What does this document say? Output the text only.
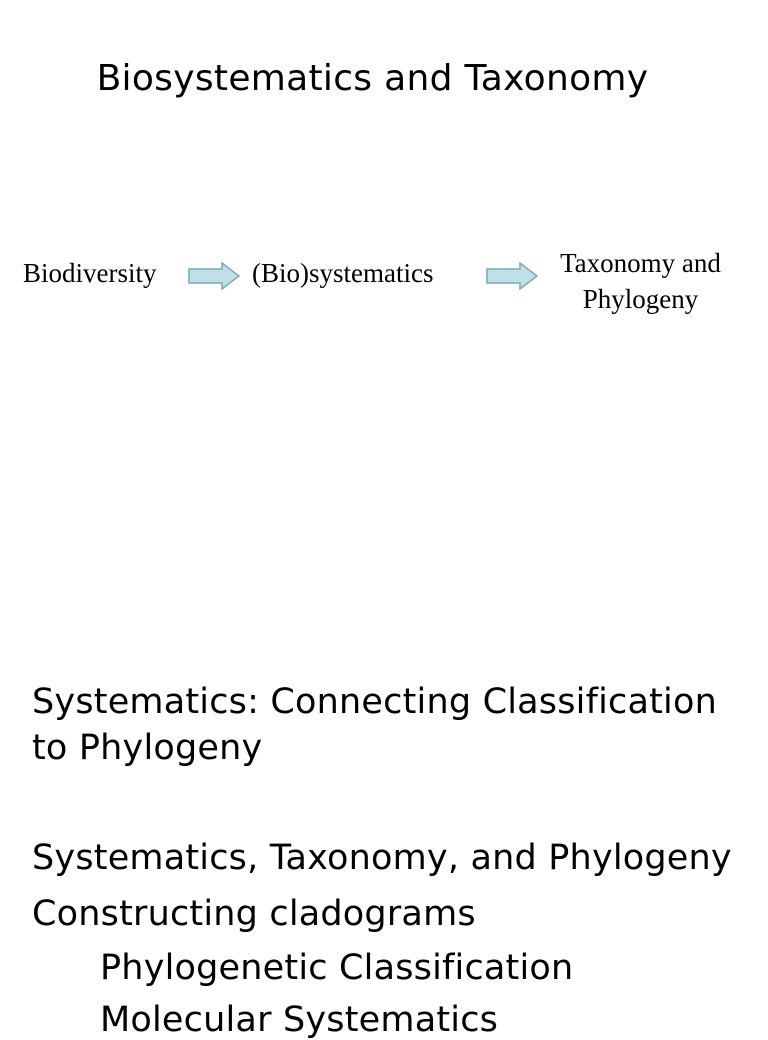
Biosystematics and Taxonomy
Biodiversity	(Bio)systematics	Taxonomy and
Phylogeny
Systematics: Connecting Classification
to Phylogeny
Systematics, Taxonomy, and Phylogeny
Constructing cladograms
Phylogenetic Classification
Molecular Systematics
